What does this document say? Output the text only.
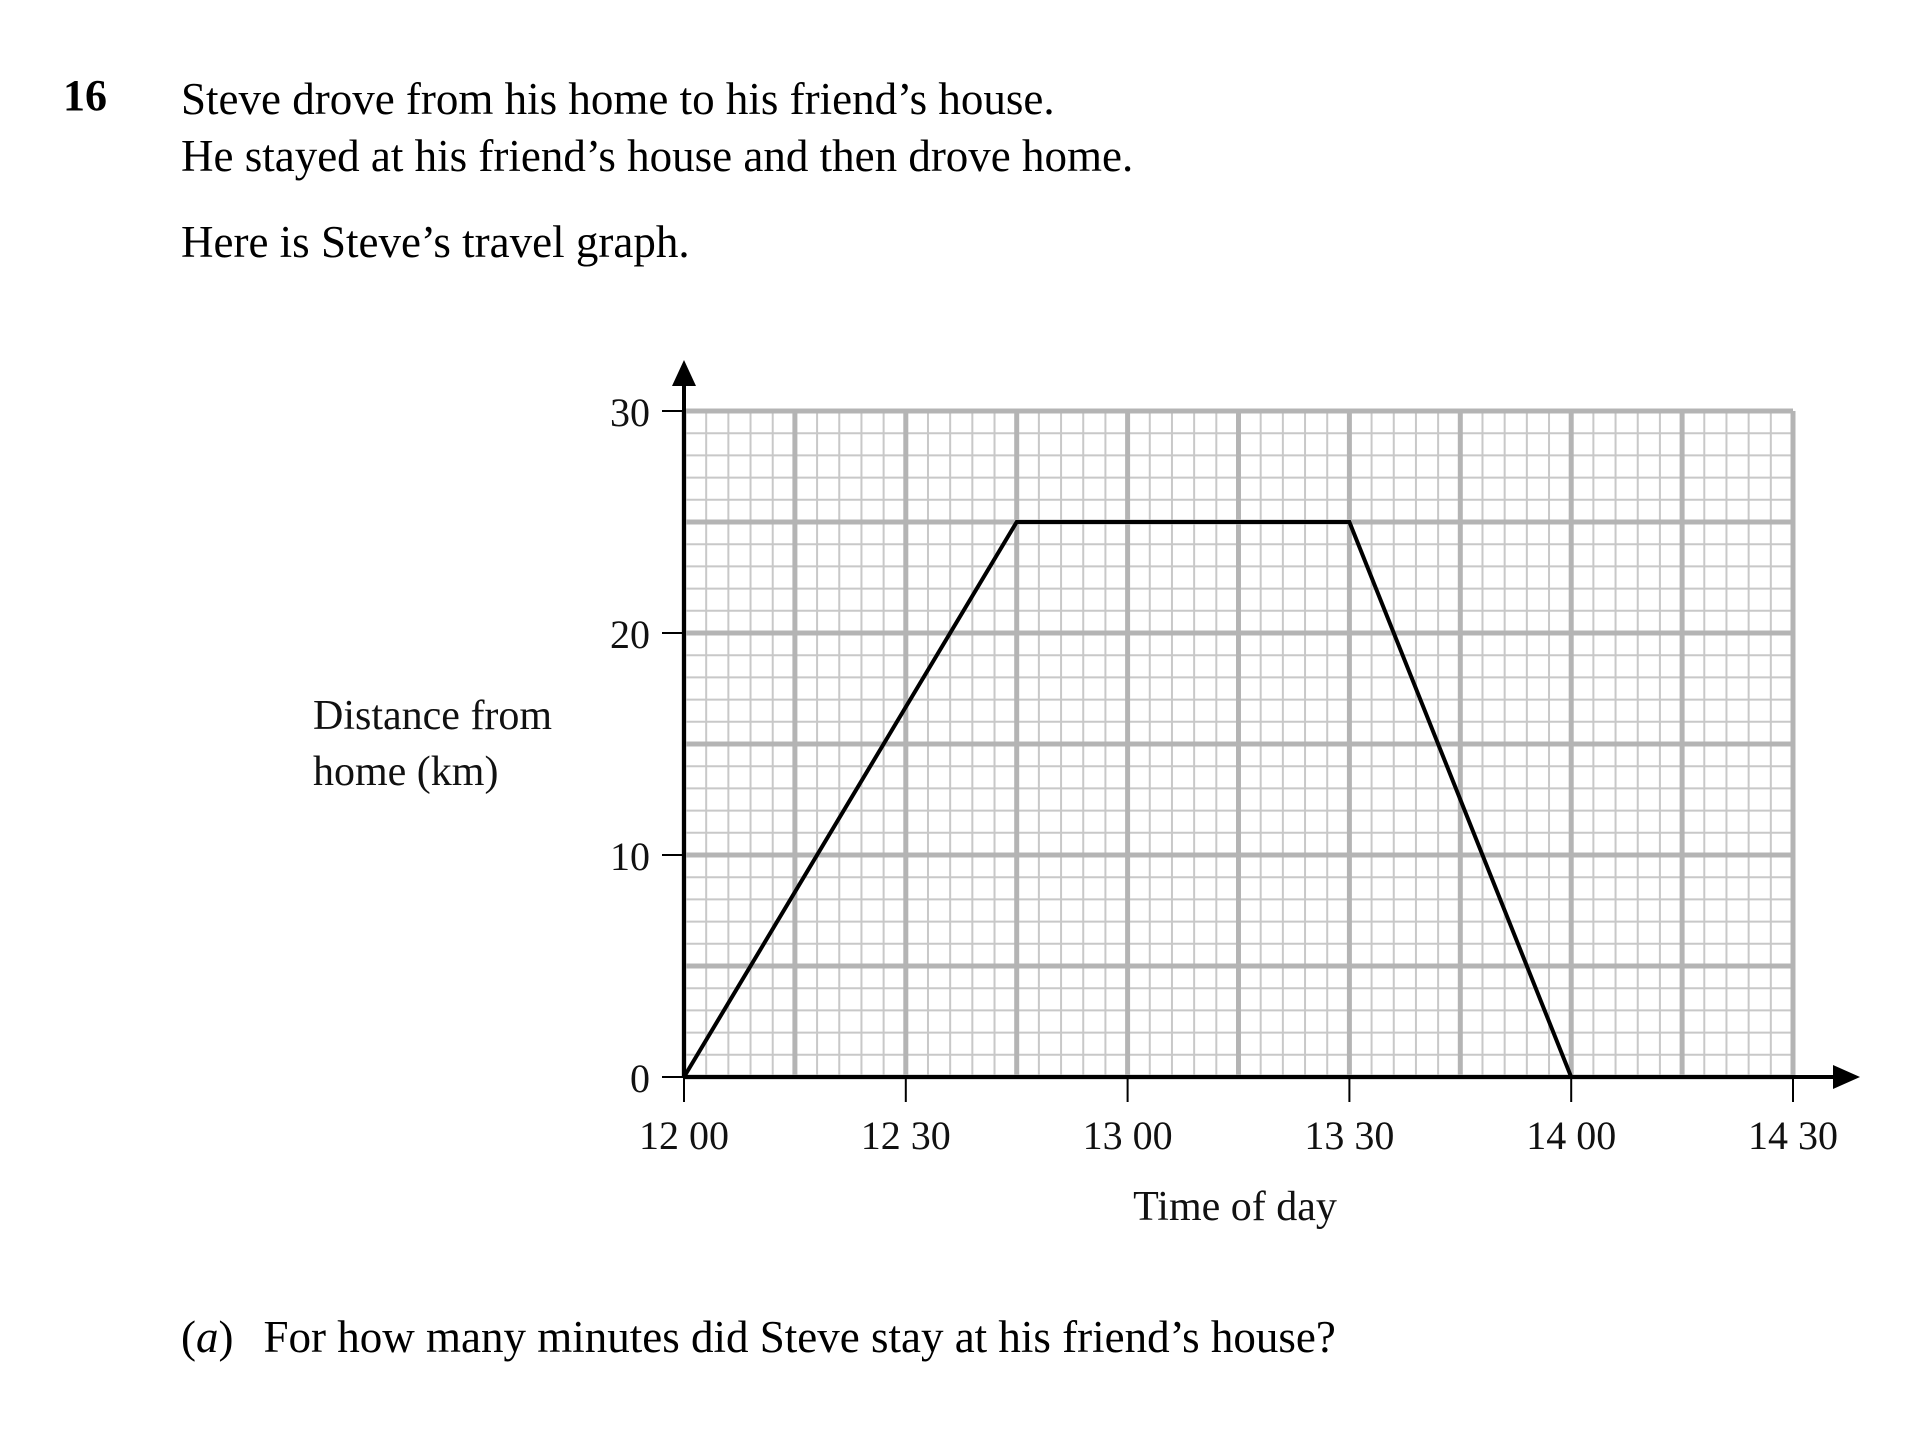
16 Steve drove from his home to his friend’s house.
He stayed at his friend’s house and then drove home.
Here is Steve’s travel graph.
0
10
20
30
12 00	12 30	13 00	13 30	14 00	14 30
Distance from
home (km)
Time of day
(a) For how many minutes did Steve stay at his friend’s house?
